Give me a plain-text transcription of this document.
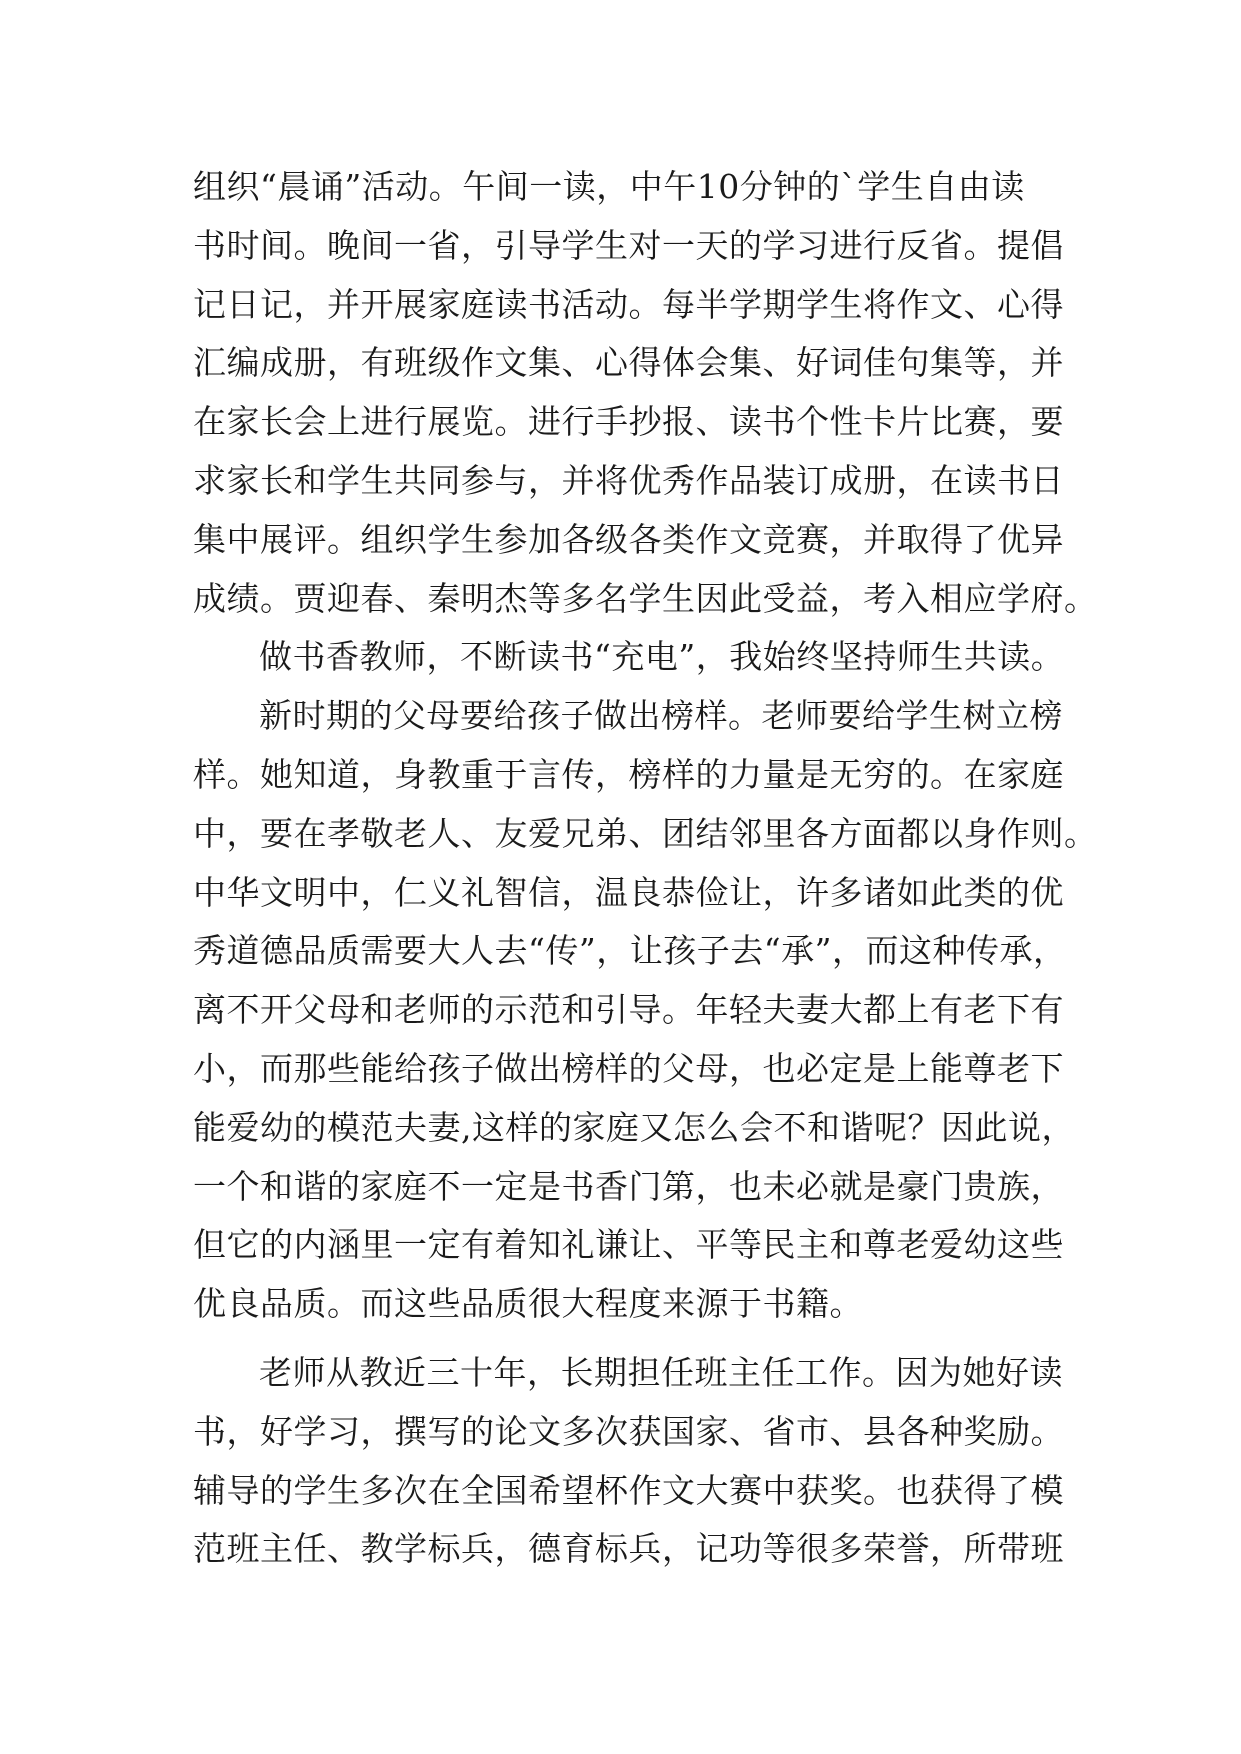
组织“晨诵”活动。午间一读，中午10分钟的`学生自由读
书时间。晚间一省，引导学生对一天的学习进行反省。提倡
记日记，并开展家庭读书活动。每半学期学生将作文、心得
汇编成册，有班级作文集、心得体会集、好词佳句集等，并
在家长会上进行展览。进行手抄报、读书个性卡片比赛，要
求家长和学生共同参与，并将优秀作品装订成册，在读书日
集中展评。组织学生参加各级各类作文竞赛，并取得了优异
成绩。贾迎春、秦明杰等多名学生因此受益，考入相应学府。
做书香教师，不断读书“充电”，我始终坚持师生共读。
新时期的父母要给孩子做出榜样。老师要给学生树立榜
样。她知道，身教重于言传，榜样的力量是无穷的。在家庭
中，要在孝敬老人、友爱兄弟、团结邻里各方面都以身作则。
中华文明中，仁义礼智信，温良恭俭让，许多诸如此类的优
秀道德品质需要大人去“传”，让孩子去“承”，而这种传承，
离不开父母和老师的示范和引导。年轻夫妻大都上有老下有
小，而那些能给孩子做出榜样的父母，也必定是上能尊老下
能爱幼的模范夫妻,这样的家庭又怎么会不和谐呢？因此说，
一个和谐的家庭不一定是书香门第，也未必就是豪门贵族，
但它的内涵里一定有着知礼谦让、平等民主和尊老爱幼这些
优良品质。而这些品质很大程度来源于书籍。
老师从教近三十年，长期担任班主任工作。因为她好读
书，好学习，撰写的论文多次获国家、省市、县各种奖励。
辅导的学生多次在全国希望杯作文大赛中获奖。也获得了模
范班主任、教学标兵，德育标兵，记功等很多荣誉，所带班
